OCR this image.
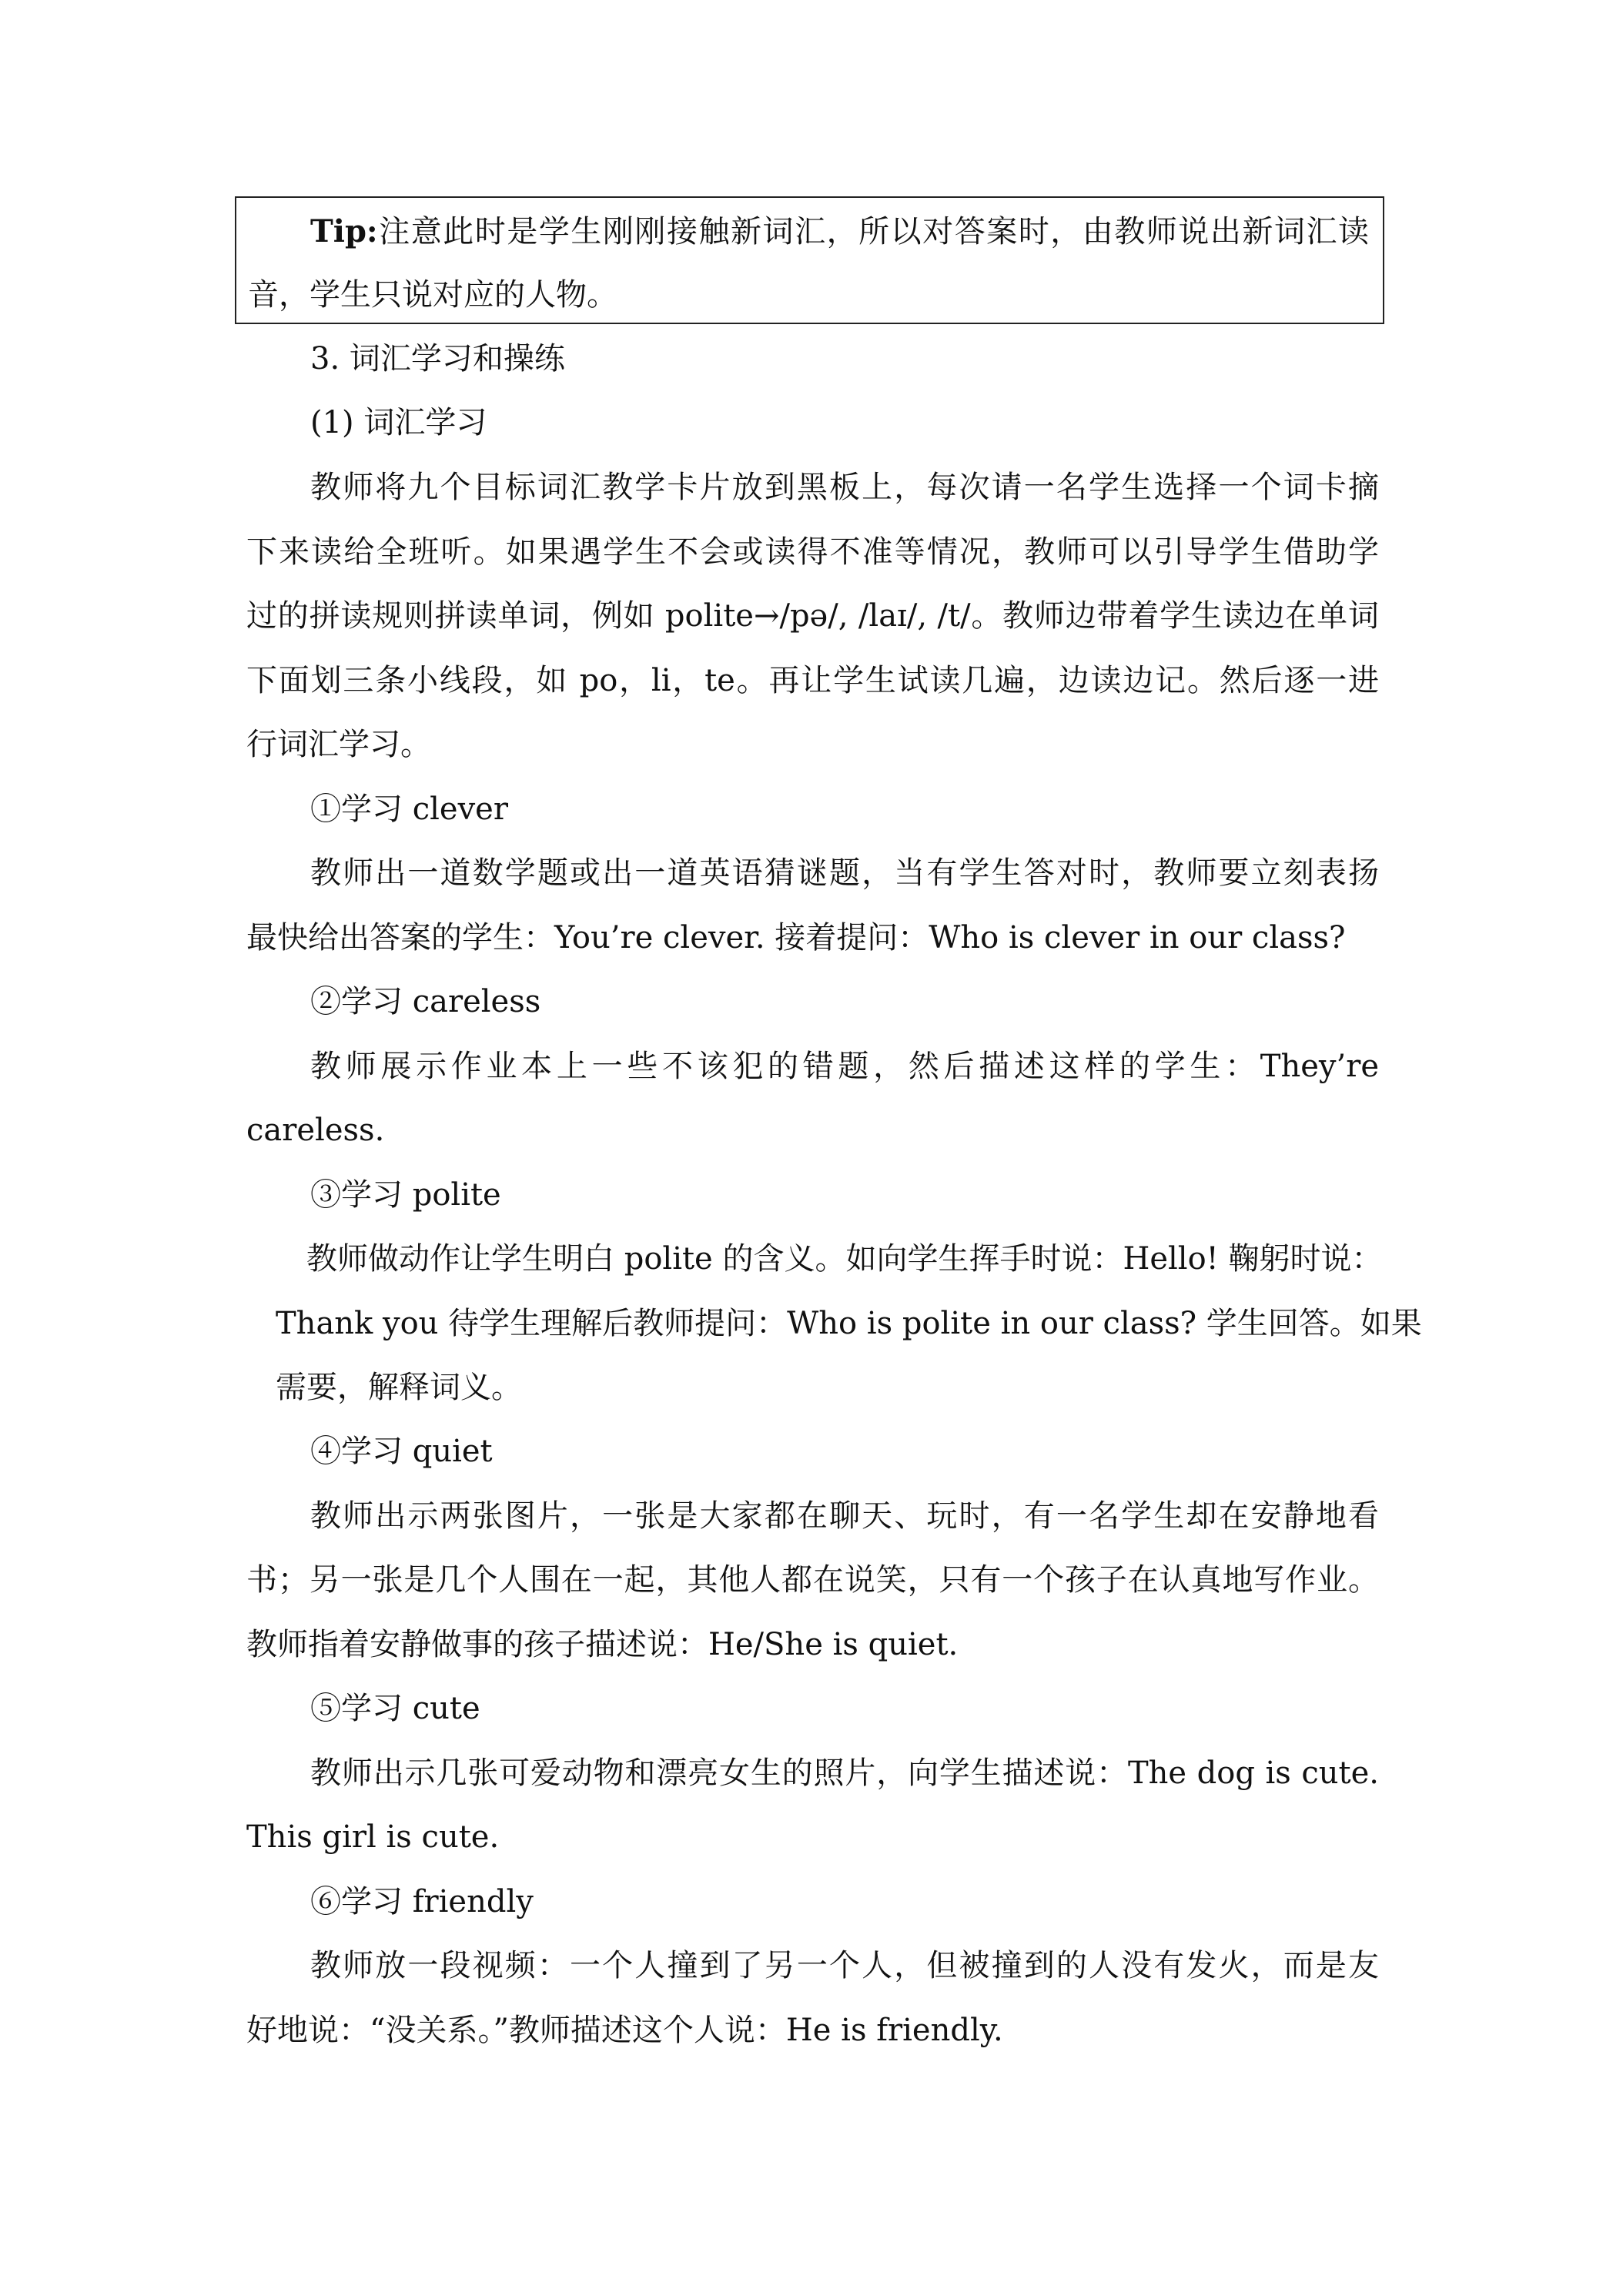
Tip:注意此时是学生刚刚接触新词汇，所以对答案时，由教师说出新词汇读
音，学生只说对应的人物。
3. 词汇学习和操练
(1) 词汇学习
教师将九个目标词汇教学卡片放到黑板上，每次请一名学生选择一个词卡摘
下来读给全班听。如果遇学生不会或读得不准等情况，教师可以引导学生借助学
过的拼读规则拼读单词，例如 polite→/pə/, /laɪ/, /t/。教师边带着学生读边在单词
下面划三条小线段，如 po，li，te。再让学生试读几遍，边读边记。然后逐一进
行词汇学习。
①学习 clever
教师出一道数学题或出一道英语猜谜题，当有学生答对时，教师要立刻表扬
最快给出答案的学生：You’re clever. 接着提问：Who is clever in our class?
②学习 careless
教师展示作业本上一些不该犯的错题，然后描述这样的学生：They’re
careless.
③学习 polite
教师做动作让学生明白 polite 的含义。如向学生挥手时说：Hello! 鞠躬时说：
Thank you 待学生理解后教师提问：Who is polite in our class? 学生回答。如果
需要，解释词义。
④学习 quiet
教师出示两张图片，一张是大家都在聊天、玩时，有一名学生却在安静地看
书；另一张是几个人围在一起，其他人都在说笑，只有一个孩子在认真地写作业。
教师指着安静做事的孩子描述说：He/She is quiet.
⑤学习 cute
教师出示几张可爱动物和漂亮女生的照片，向学生描述说：The dog is cute.
This girl is cute.
⑥学习 friendly
教师放一段视频：一个人撞到了另一个人，但被撞到的人没有发火，而是友
好地说：“没关系。”教师描述这个人说：He is friendly.
